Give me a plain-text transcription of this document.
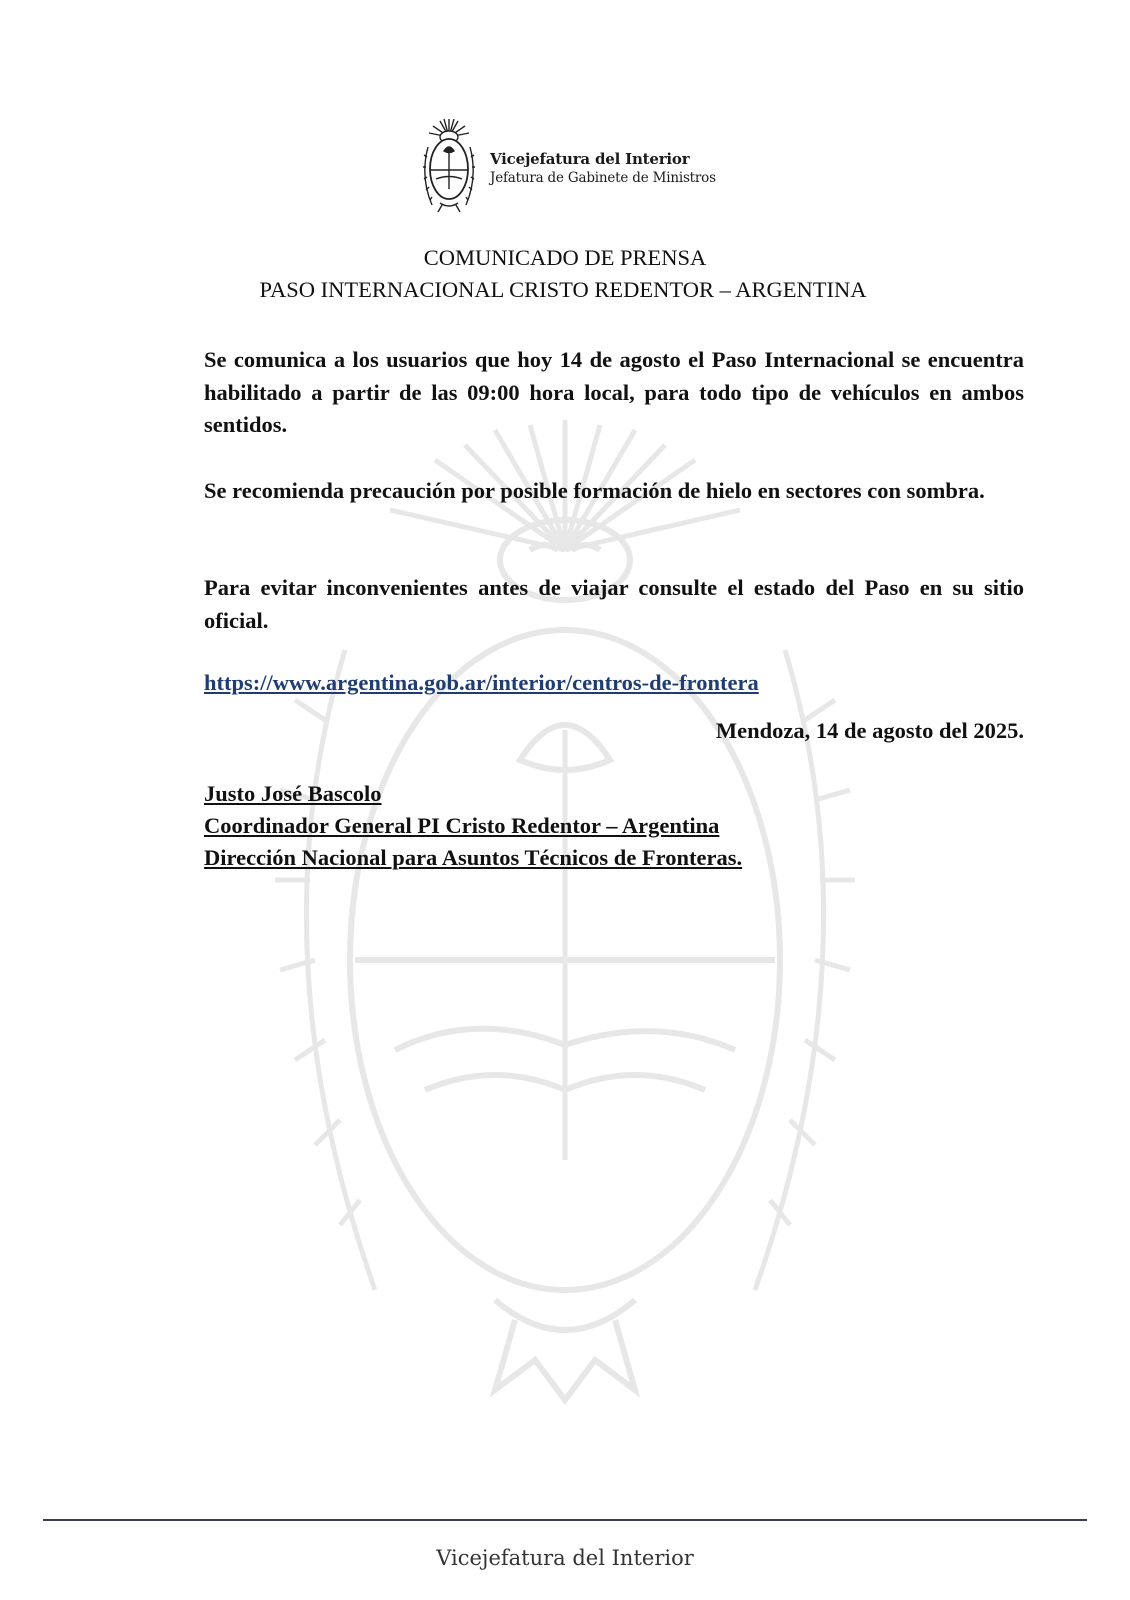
Vicejefatura del Interior
Jefatura de Gabinete de Ministros
COMUNICADO DE PRENSA
PASO INTERNACIONAL CRISTO REDENTOR – ARGENTINA
Se comunica a los usuarios que hoy 14 de agosto el Paso Internacional se encuentra habilitado a partir de las 09:00 hora local, para todo tipo de vehículos en ambos sentidos.
Se recomienda precaución por posible formación de hielo en sectores con sombra.
Para evitar inconvenientes antes de viajar consulte el estado del Paso en su sitio oficial.
https://www.argentina.gob.ar/interior/centros-de-frontera
Mendoza, 14 de agosto del 2025.
Justo José Bascolo
Coordinador General PI Cristo Redentor – Argentina
Dirección Nacional para Asuntos Técnicos de Fronteras.
Vicejefatura del Interior
